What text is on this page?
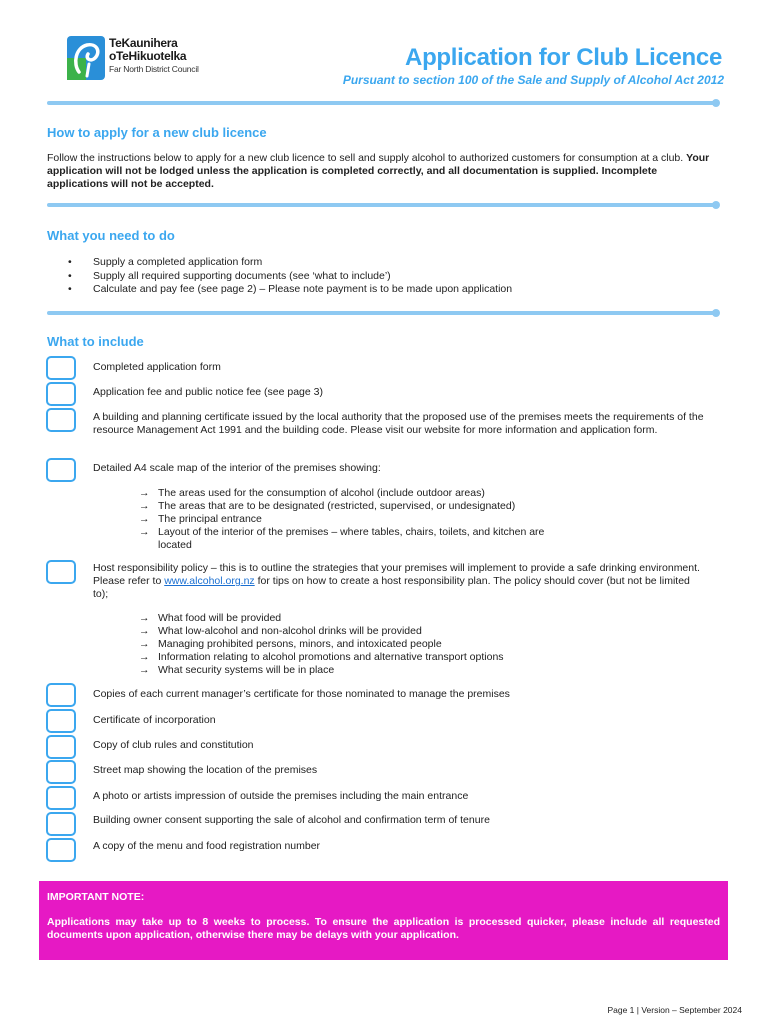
TeKaunihera
oTeHikuotelka
Far North District Council	Application for Club Licence
Pursuant to section 100 of the Sale and Supply of Alcohol Act 2012
How to apply for a new club licence
Follow the instructions below to apply for a new club licence to sell and supply alcohol to authorized customers for consumption at a club. Your application will not be lodged unless the application is completed correctly, and all documentation is supplied. Incomplete applications will not be accepted.
What you need to do
• Supply a completed application form
• Supply all required supporting documents (see ‘what to include’)
• Calculate and pay fee (see page 2) – Please note payment is to be made upon application
What to include
Completed application form
Application fee and public notice fee (see page 3)
A building and planning certificate issued by the local authority that the proposed use of the premises meets the requirements of the resource Management Act 1991 and the building code. Please visit our website for more information and application form.
Detailed A4 scale map of the interior of the premises showing:
→ The areas used for the consumption of alcohol (include outdoor areas)
→ The areas that are to be designated (restricted, supervised, or undesignated)
→ The principal entrance
→ Layout of the interior of the premises – where tables, chairs, toilets, and kitchen are located
Host responsibility policy – this is to outline the strategies that your premises will implement to provide a safe drinking environment. Please refer to www.alcohol.org.nz for tips on how to create a host responsibility plan. The policy should cover (but not be limited to);
→ What food will be provided
→ What low-alcohol and non-alcohol drinks will be provided
→ Managing prohibited persons, minors, and intoxicated people
→ Information relating to alcohol promotions and alternative transport options
→ What security systems will be in place
Copies of each current manager’s certificate for those nominated to manage the premises
Certificate of incorporation
Copy of club rules and constitution
Street map showing the location of the premises
A photo or artists impression of outside the premises including the main entrance
Building owner consent supporting the sale of alcohol and confirmation term of tenure
A copy of the menu and food registration number
IMPORTANT NOTE:
Applications may take up to 8 weeks to process. To ensure the application is processed quicker, please include all requested documents upon application, otherwise there may be delays with your application.
Page 1 | Version – September 2024
